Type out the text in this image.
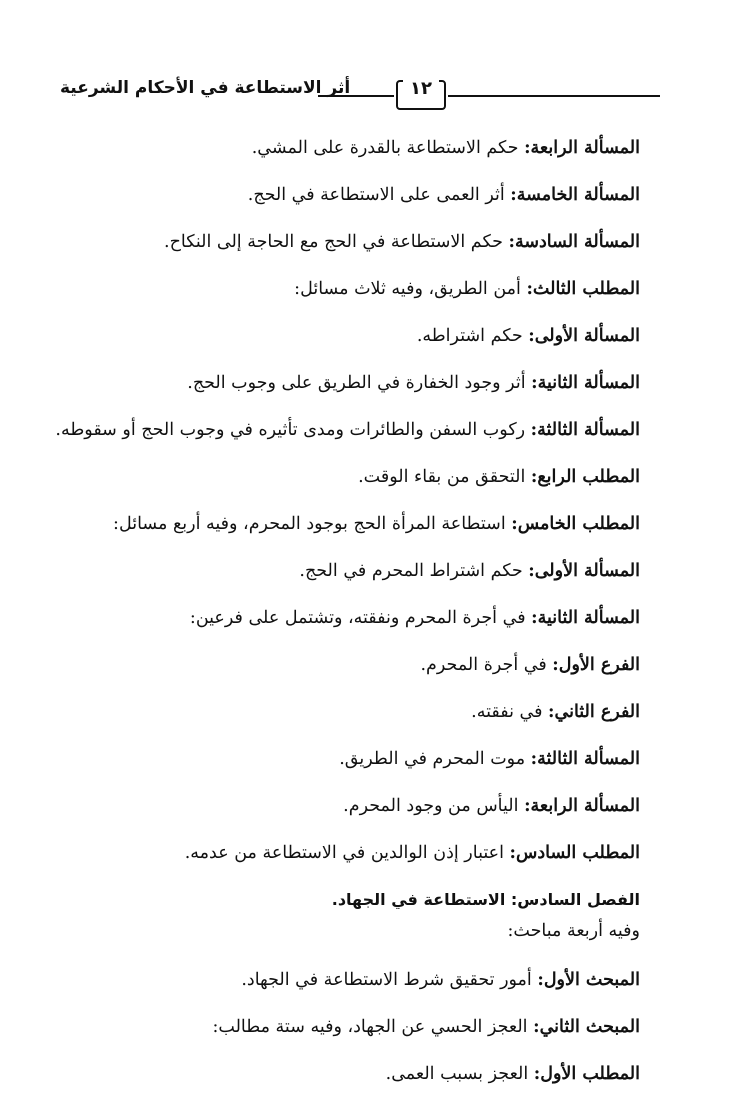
أثر الاستطاعة في الأحكام الشرعية	١٢
المسألة الرابعة: حكم الاستطاعة بالقدرة على المشي.
المسألة الخامسة: أثر العمى على الاستطاعة في الحج.
المسألة السادسة: حكم الاستطاعة في الحج مع الحاجة إلى النكاح.
المطلب الثالث: أمن الطريق، وفيه ثلاث مسائل:
المسألة الأولى: حكم اشتراطه.
المسألة الثانية: أثر وجود الخفارة في الطريق على وجوب الحج.
المسألة الثالثة: ركوب السفن والطائرات ومدى تأثيره في وجوب الحج أو سقوطه.
المطلب الرابع: التحقق من بقاء الوقت.
المطلب الخامس: استطاعة المرأة الحج بوجود المحرم، وفيه أربع مسائل:
المسألة الأولى: حكم اشتراط المحرم في الحج.
المسألة الثانية: في أجرة المحرم ونفقته، وتشتمل على فرعين:
الفرع الأول: في أجرة المحرم.
الفرع الثاني: في نفقته.
المسألة الثالثة: موت المحرم في الطريق.
المسألة الرابعة: اليأس من وجود المحرم.
المطلب السادس: اعتبار إذن الوالدين في الاستطاعة من عدمه.
الفصل السادس: الاستطاعة في الجهاد.
وفيه أربعة مباحث:
المبحث الأول: أمور تحقيق شرط الاستطاعة في الجهاد.
المبحث الثاني: العجز الحسي عن الجهاد، وفيه ستة مطالب:
المطلب الأول: العجز بسبب العمى.
